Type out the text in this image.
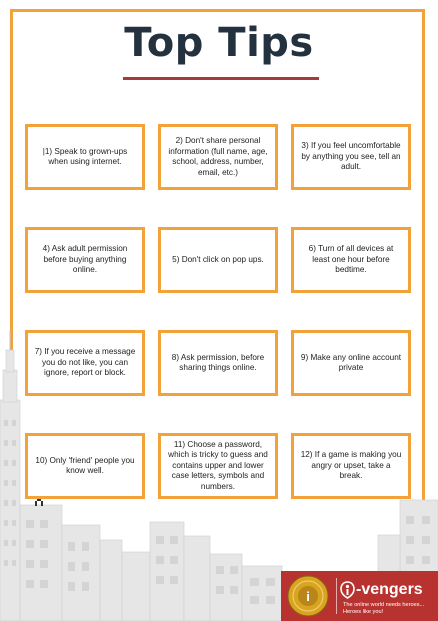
Top Tips
|1) Speak to grown-ups when using internet.
2) Don't share personal information (full name, age, school, address, number, email, etc.)
3) If you feel uncomfortable by anything you see, tell an adult.
4) Ask adult permission before buying anything online.
5) Don't click on pop ups.
6) Turn of all devices at least one hour before bedtime.
7) If you receive a message you do not like, you can ignore, report or block.
8) Ask permission, before sharing things online.
9) Make any online account private
10) Only 'friend' people you know well.
11) Choose a password, which is tricky to guess and contains upper and lower case letters, symbols and numbers.
12) If a game is making you angry or upset, take a break.
i	-vengers
The online world needs heroes...
Heroes like you!
